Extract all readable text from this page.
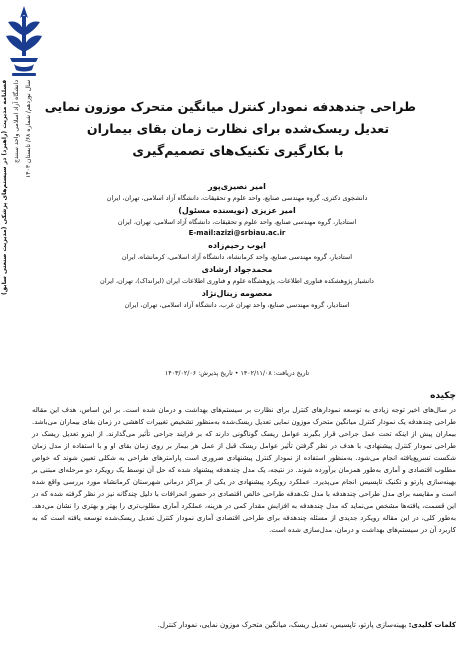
فصلنامه مدیریت (راهبرد) در سیستم‌های پزشکی (مدیریت صنعتی سابق) دانشگاه آزاد اسلامی واحد سنندج
سال نوزدهم/ شماره ۶۸/ تابستان ۱۴۰۳ طراحی چندهدفه نمودار کنترل میانگین متحرک موزون نمایی
تعدیل ریسک‌شده برای نظارت زمان بقای بیماران
با بکارگیری تکنیک‌های تصمیم‌گیری
امیر نصیری‌پور
دانشجوی دکتری، گروه مهندسی صنایع، واحد علوم و تحقیقات، دانشگاه آزاد اسلامی، تهران، ایران
امیر عزیزی (نویسنده مسئول)
استادیار، گروه مهندسی صنایع، واحد علوم و تحقیقات، دانشگاه آزاد اسلامی، تهران، ایران
E-mail:azizi@srbiau.ac.ir
ایوب رحیم‌زاده
استادیار، گروه مهندسی صنایع، واحد کرمانشاه، دانشگاه آزاد اسلامی، کرمانشاه، ایران
محمدجواد ارشادی
دانشیار پژوهشکده فناوری اطلاعات، پژوهشگاه علوم و فناوری اطلاعات ایران (ایرانداک)، تهران، ایران
معصومه زینال‌نژاد
استادیار، گروه مهندسی صنایع، واحد تهران غرب، دانشگاه آزاد اسلامی، تهران، ایران
تاریخ دریافت: ۱۴۰۲/۱۱/۰۸ • تاریخ پذیرش: ۱۴۰۳/۰۲/۰۶
چکیده

در سال‌های اخیر توجه زیادی به توسعه نمودارهای کنترل برای نظارت بر سیستم‌های بهداشت و درمان شده است. بر این اساس، هدف این مقاله طراحی چندهدفه یک نمودار کنترل میانگین متحرک موزون نمایی تعدیل ریسک‌شده به‌منظور تشخیص تغییرات کاهشی در زمان بقای بیماران می‌باشد. بیماران پیش از اینکه تحت عمل جراحی قرار بگیرند عوامل ریسک گوناگونی دارند که بر فرایند جراحی تأثیر می‌گذارند. از اینرو تعدیل ریسک در طراحی نمودار کنترل پیشنهادی، با هدف در نظر گرفتن تأثیر عوامل ریسک قبل از عمل هر بیمار بر روی زمان بقای او و با استفاده از مدل زمان شکست تسریع‌یافته انجام می‌شود. به‌منظور استفاده از نمودار کنترل پیشنهادی ضروری است پارامترهای طراحی به شکلی تعیین شوند که خواص مطلوب اقتصادی و آماری به‌طور همزمان برآورده شوند. در نتیجه، یک مدل چندهدفه پیشنهاد شده که حل آن توسط یک رویکرد دو مرحله‌ای مبتنی بر بهینه‌سازی پارتو و تکنیک تاپسیس انجام می‌پذیرد. عملکرد رویکرد پیشنهادی در یکی از مراکز درمانی شهرستان کرمانشاه مورد بررسی واقع شده است و مقایسه برای مدل طراحی چندهدفه با مدل تک‌هدفه طراحی خالص اقتصادی در حضور انحرافات با دلیل چندگانه نیز در نظر گرفته شده که در این قسمت، یافته‌ها مشخص می‌نماید که مدل چندهدفه به افزایش مقدار کمی در هزینه، عملکرد آماری مطلوب‌تری را بهتر و بهتری را نشان می‌دهد. به‌طور کلی، در این مقاله رویکرد جدیدی از مسئله چندهدفه برای طراحی اقتصادی آماری نمودار کنترل تعدیل ریسک‌شده توسعه یافته است که به کاربرد آن در سیستم‌های بهداشت و درمان، مدل‌سازی شده است.

کلمات کلیدی: بهینه‌سازی پارتو، تاپسیس، تعدیل ریسک، میانگین متحرک موزون نمایی، نمودار کنترل.
